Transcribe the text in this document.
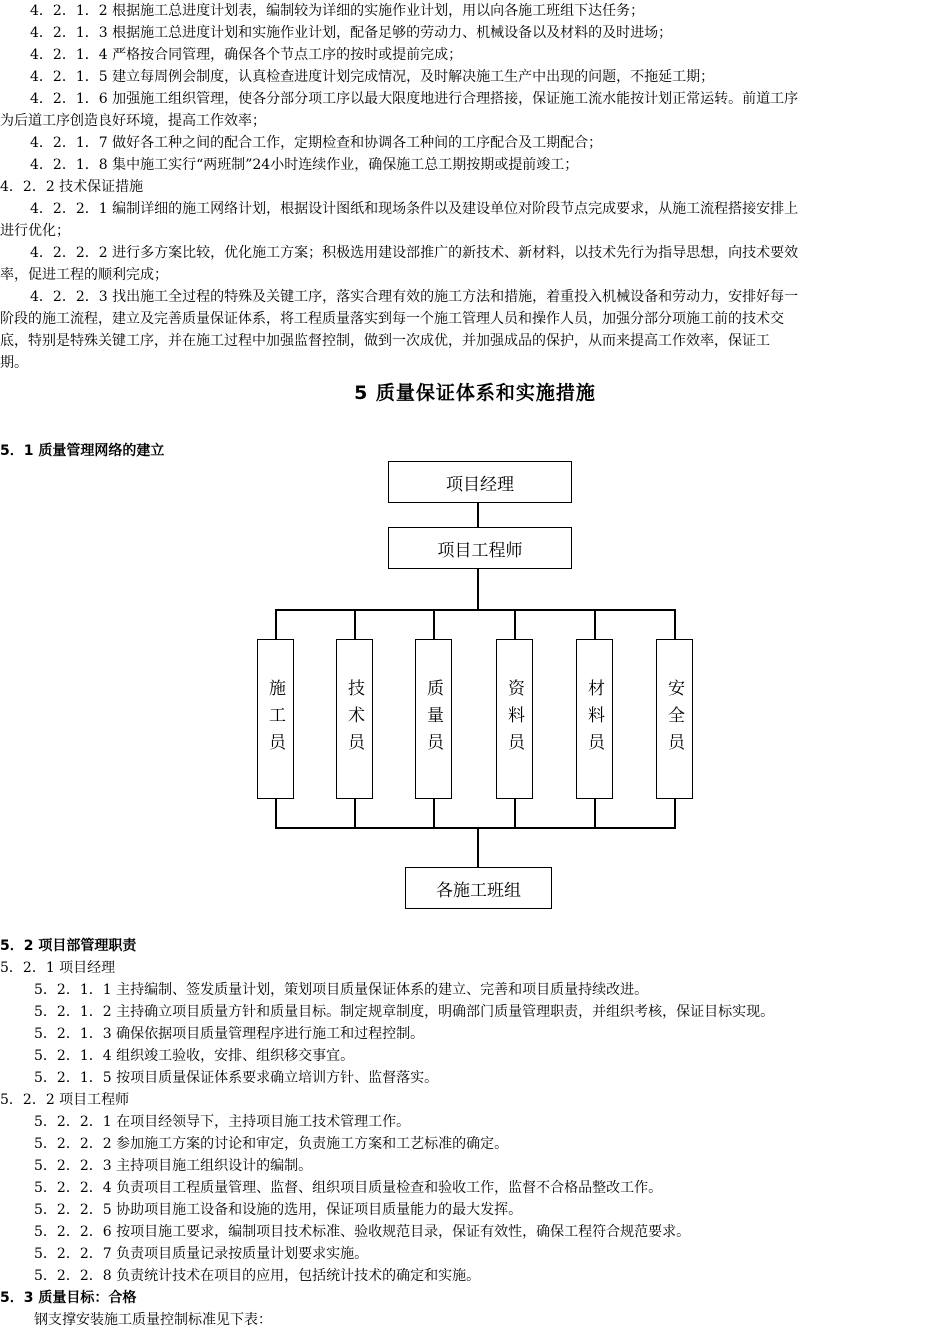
4．2．1．2 根据施工总进度计划表，编制较为详细的实施作业计划，用以向各施工班组下达任务；
4．2．1．3 根据施工总进度计划和实施作业计划，配备足够的劳动力、机械设备以及材料的及时进场；
4．2．1．4 严格按合同管理，确保各个节点工序的按时或提前完成；
4．2．1．5 建立每周例会制度，认真检查进度计划完成情况，及时解决施工生产中出现的问题，不拖延工期；
4．2．1．6 加强施工组织管理，使各分部分项工序以最大限度地进行合理搭接，保证施工流水能按计划正常运转。前道工序
为后道工序创造良好环境，提高工作效率；
4．2．1．7 做好各工种之间的配合工作，定期检查和协调各工种间的工序配合及工期配合；
4．2．1．8 集中施工实行“两班制”24小时连续作业，确保施工总工期按期或提前竣工；
4．2．2 技术保证措施
4．2．2．1 编制详细的施工网络计划，根据设计图纸和现场条件以及建设单位对阶段节点完成要求，从施工流程搭接安排上
进行优化；
4．2．2．2 进行多方案比较，优化施工方案；积极选用建设部推广的新技术、新材料，以技术先行为指导思想，向技术要效
率，促进工程的顺利完成；
4．2．2．3 找出施工全过程的特殊及关键工序，落实合理有效的施工方法和措施，着重投入机械设备和劳动力，安排好每一
阶段的施工流程，建立及完善质量保证体系，将工程质量落实到每一个施工管理人员和操作人员，加强分部分项施工前的技术交
底，特别是特殊关键工序，并在施工过程中加强监督控制，做到一次成优，并加强成品的保护，从而来提高工作效率，保证工
期。
5 质量保证体系和实施措施
5．1 质量管理网络的建立
项目经理
项目工程师
施工员	技术员	质量员	资料员	材料员	安全员
各施工班组
5．2 项目部管理职责
5．2．1 项目经理
5．2．1．1 主持编制、签发质量计划，策划项目质量保证体系的建立、完善和项目质量持续改进。
5．2．1．2 主持确立项目质量方针和质量目标。制定规章制度，明确部门质量管理职责，并组织考核，保证目标实现。
5．2．1．3 确保依据项目质量管理程序进行施工和过程控制。
5．2．1．4 组织竣工验收，安排、组织移交事宜。
5．2．1．5 按项目质量保证体系要求确立培训方针、监督落实。
5．2．2 项目工程师
5．2．2．1 在项目经领导下，主持项目施工技术管理工作。
5．2．2．2 参加施工方案的讨论和审定，负责施工方案和工艺标准的确定。
5．2．2．3 主持项目施工组织设计的编制。
5．2．2．4 负责项目工程质量管理、监督、组织项目质量检查和验收工作，监督不合格品整改工作。
5．2．2．5 协助项目施工设备和设施的选用，保证项目质量能力的最大发挥。
5．2．2．6 按项目施工要求，编制项目技术标准、验收规范目录，保证有效性，确保工程符合规范要求。
5．2．2．7 负责项目质量记录按质量计划要求实施。
5．2．2．8 负责统计技术在项目的应用，包括统计技术的确定和实施。
5．3 质量目标：合格
钢支撑安装施工质量控制标准见下表：
